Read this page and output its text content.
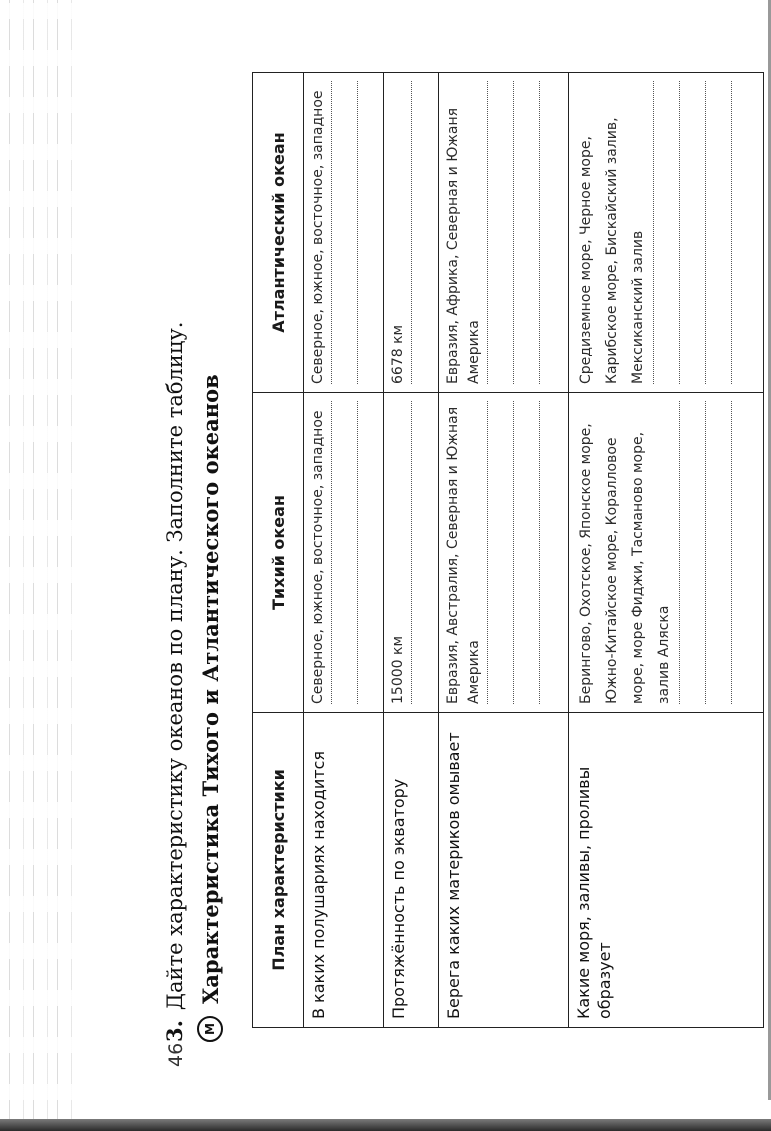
46
3.Дайте характеристику океанов по плану. Заполните таблицу.
М
Характеристика Тихого и Атлантического океанов	План характеристики	Тихий океан	Атлантический океан
В каких полушариях находится	Северное, южное, восточное, западное	Северное, южное, восточное, западное

Протяжённость по экватору	15000 км	6678 км

Берега каких материков омывает	Евразия, Австралия, Северная и Южная Америка	Евразия, Африка, Северная и Южаня Америка

Какие моря, заливы, проливы образует	Берингово, Охотское, Японское море, Южно-Китайское море, Коралловое море, море Фиджи, Тасманово море, залив Аляска	Средиземное море, Черное море, Карибское море, Бискайский залив, Мексиканский залив
